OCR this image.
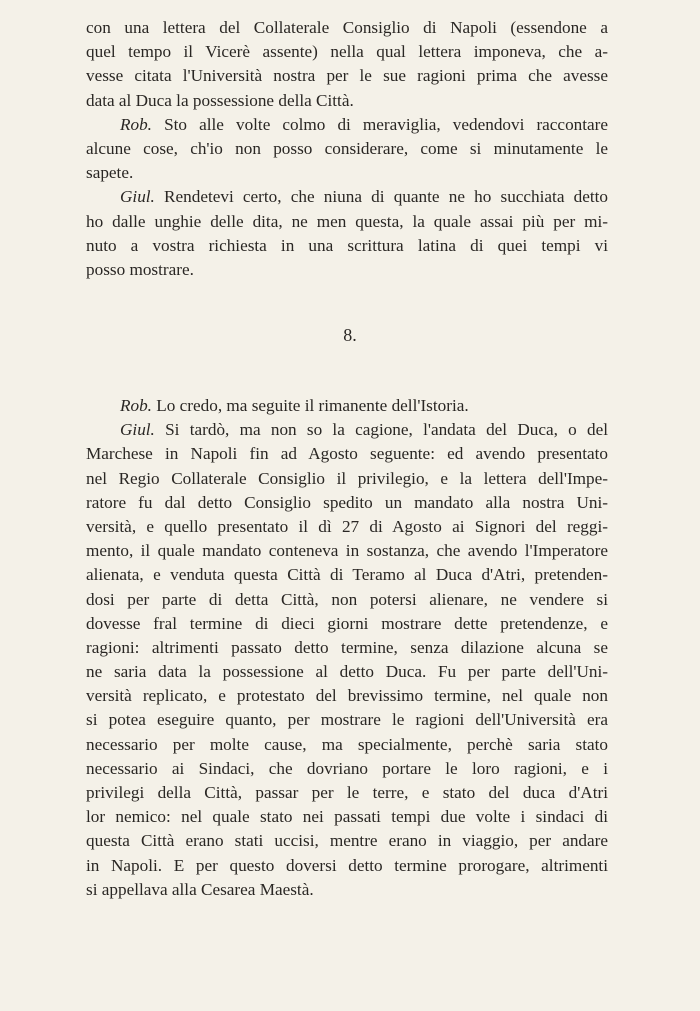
con una lettera del Collaterale Consiglio di Napoli (essendone a
quel tempo il Vicerè assente) nella qual lettera imponeva, che a-
vesse citata l'Università nostra per le sue ragioni prima che avesse
data al Duca la possessione della Città.
Rob. Sto alle volte colmo di meraviglia, vedendovi raccontare
alcune cose, ch'io non posso considerare, come si minutamente le
sapete.
Giul. Rendetevi certo, che niuna di quante ne ho succhiata detto
ho dalle unghie delle dita, ne men questa, la quale assai più per mi-
nuto a vostra richiesta in una scrittura latina di quei tempi vi
posso mostrare.
8.
Rob. Lo credo, ma seguite il rimanente dell'Istoria.
Giul. Si tardò, ma non so la cagione, l'andata del Duca, o del
Marchese in Napoli fin ad Agosto seguente: ed avendo presentato
nel Regio Collaterale Consiglio il privilegio, e la lettera dell'Impe-
ratore fu dal detto Consiglio spedito un mandato alla nostra Uni-
versità, e quello presentato il dì 27 di Agosto ai Signori del reggi-
mento, il quale mandato conteneva in sostanza, che avendo l'Imperatore
alienata, e venduta questa Città di Teramo al Duca d'Atri, pretenden-
dosi per parte di detta Città, non potersi alienare, ne vendere si
dovesse fral termine di dieci giorni mostrare dette pretendenze, e
ragioni: altrimenti passato detto termine, senza dilazione alcuna se
ne saria data la possessione al detto Duca. Fu per parte dell'Uni-
versità replicato, e protestato del brevissimo termine, nel quale non
si potea eseguire quanto, per mostrare le ragioni dell'Università era
necessario per molte cause, ma specialmente, perchè saria stato
necessario ai Sindaci, che dovriano portare le loro ragioni, e i
privilegi della Città, passar per le terre, e stato del duca d'Atri
lor nemico: nel quale stato nei passati tempi due volte i sindaci di
questa Città erano stati uccisi, mentre erano in viaggio, per andare
in Napoli. E per questo doversi detto termine prorogare, altrimenti
si appellava alla Cesarea Maestà.
